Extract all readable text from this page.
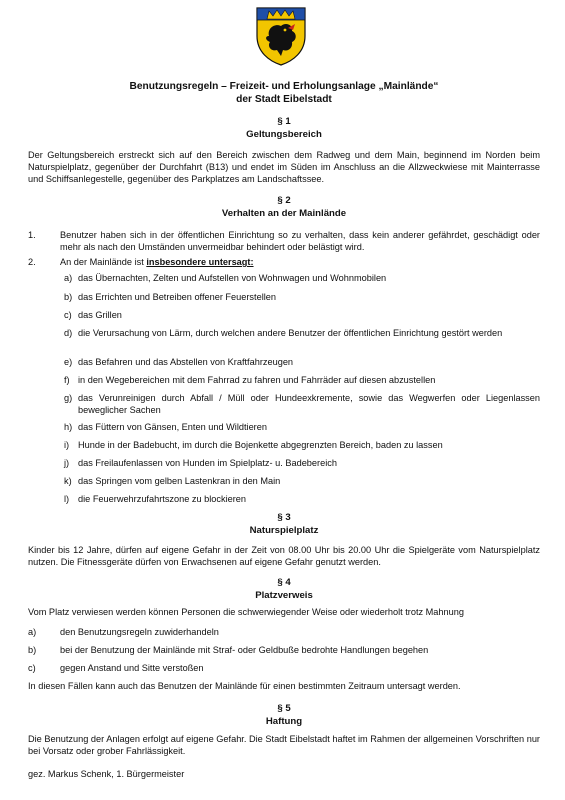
Benutzungsregeln – Freizeit- und Erholungsanlage „Mainlände“
der Stadt Eibelstadt
§ 1
Geltungsbereich
Der Geltungsbereich erstreckt sich auf den Bereich zwischen dem Radweg und dem Main, beginnend im Norden beim Naturspielplatz, gegenüber der Durchfahrt (B13) und endet im Süden im Anschluss an die Allzweckwiese mit Mainterrasse und Schiffsanlegestelle, gegenüber des Parkplatzes am Landschaftssee.
§ 2
Verhalten an der Mainlände
1.	Benutzer haben sich in der öffentlichen Einrichtung so zu verhalten, dass kein anderer gefährdet, geschädigt oder mehr als nach den Umständen unvermeidbar behindert oder belästigt wird.
2.	An der Mainlände ist insbesondere untersagt:
a) das Übernachten, Zelten und Aufstellen von Wohnwagen und Wohnmobilen
b) das Errichten und Betreiben offener Feuerstellen
c) das Grillen
d) die Verursachung von Lärm, durch welchen andere Benutzer der öffentlichen Einrichtung gestört werden
e) das Befahren und das Abstellen von Kraftfahrzeugen
f) in den Wegebereichen mit dem Fahrrad zu fahren und Fahrräder auf diesen abzustellen
g) das Verunreinigen durch Abfall / Müll oder Hundeexkremente, sowie das Wegwerfen oder Liegenlassen beweglicher Sachen
h) das Füttern von Gänsen, Enten und Wildtieren
i) Hunde in der Badebucht, im durch die Bojenkette abgegrenzten Bereich, baden zu lassen
j) das Freilaufenlassen von Hunden im Spielplatz- u. Badebereich
k) das Springen vom gelben Lastenkran in den Main
l) die Feuerwehrzufahrtszone zu blockieren
§ 3
Naturspielplatz
Kinder bis 12 Jahre, dürfen auf eigene Gefahr in der Zeit von 08.00 Uhr bis 20.00 Uhr die Spielgeräte vom Naturspielplatz nutzen. Die Fitnessgeräte dürfen von Erwachsenen auf eigene Gefahr genutzt werden.
§ 4
Platzverweis
Vom Platz verwiesen werden können Personen die schwerwiegender Weise oder wiederholt trotz Mahnung
a)	den Benutzungsregeln zuwiderhandeln
b)	bei der Benutzung der Mainlände mit Straf- oder Geldbuße bedrohte Handlungen begehen
c)	gegen Anstand und Sitte verstoßen
In diesen Fällen kann auch das Benutzen der Mainlände für einen bestimmten Zeitraum untersagt werden.
§ 5
Haftung
Die Benutzung der Anlagen erfolgt auf eigene Gefahr. Die Stadt Eibelstadt haftet im Rahmen der allgemeinen Vorschriften nur bei Vorsatz oder grober Fahrlässigkeit.
gez. Markus Schenk, 1. Bürgermeister
